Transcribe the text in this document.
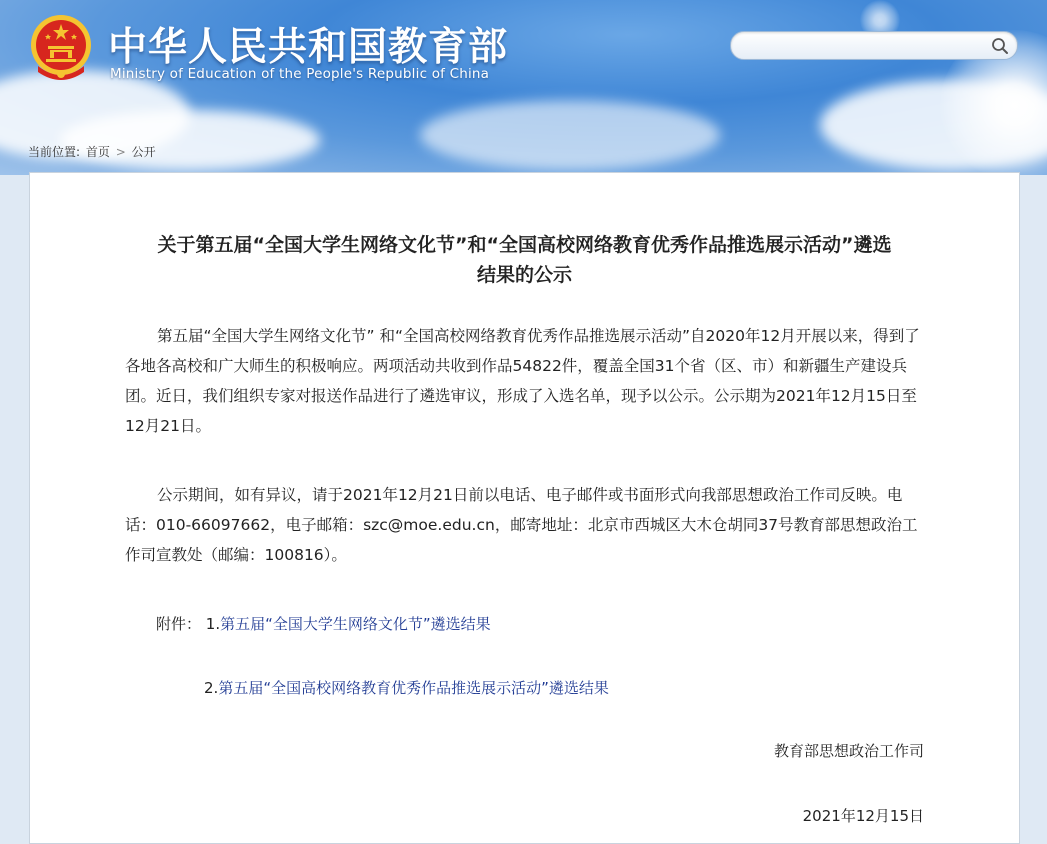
中华人民共和国教育部
Ministry of Education of the People's Republic of China
当前位置: 首页 > 公开
关于第五届“全国大学生网络文化节”和“全国高校网络教育优秀作品推选展示活动”遴选
结果的公示

第五届“全国大学生网络文化节” 和“全国高校网络教育优秀作品推选展示活动”自2020年12月开展以来，得到了各地各高校和广大师生的积极响应。两项活动共收到作品54822件，覆盖全国31个省（区、市）和新疆生产建设兵团。近日，我们组织专家对报送作品进行了遴选审议，形成了入选名单，现予以公示。公示期为2021年12月15日至12月21日。

公示期间，如有异议，请于2021年12月21日前以电话、电子邮件或书面形式向我部思想政治工作司反映。电话：010-66097662，电子邮箱：szc@moe.edu.cn，邮寄地址：北京市西城区大木仓胡同37号教育部思想政治工作司宣教处（邮编：100816）。

附件： 1.第五届“全国大学生网络文化节”遴选结果
2.第五届“全国高校网络教育优秀作品推选展示活动”遴选结果
教育部思想政治工作司
2021年12月15日
